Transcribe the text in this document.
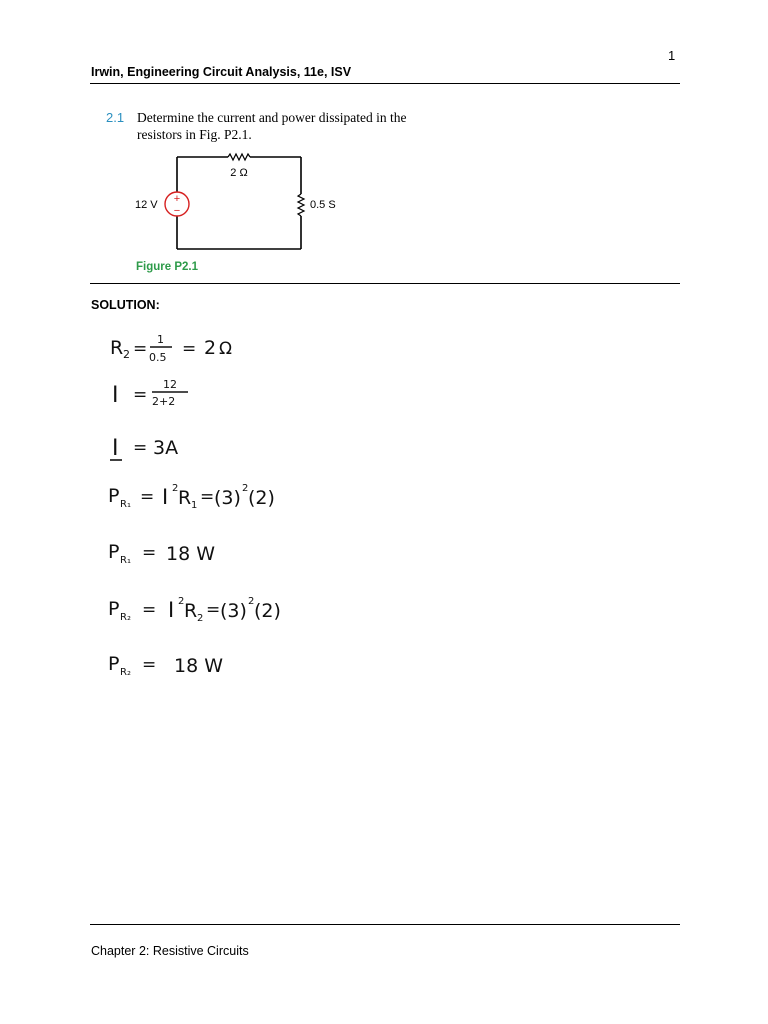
1
Irwin, Engineering Circuit Analysis, 11e, ISV
2.1 Determine the current and power dissipated in the resistors in Fig. P2.1.
+
−
12 V
2 Ω
0.5 S
Figure P2.1
SOLUTION:
R 2 = 1
0.5 = 2 Ω
I =
12
2+2
I = 3A
P R₁ = I 2 R 1 = (3) 2 (2)
P R₁ = 18 W
P R₂ = I 2 R 2 = (3) 2 (2)
P R₂ = 18 W
Chapter 2: Resistive Circuits
